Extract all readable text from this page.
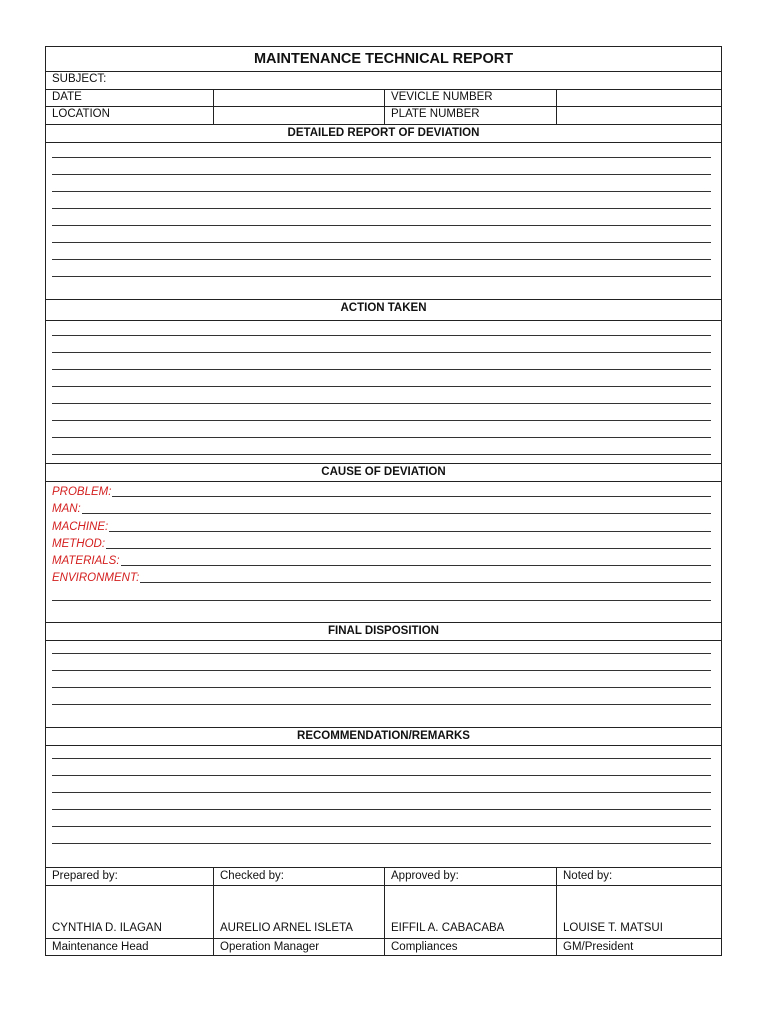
MAINTENANCE TECHNICAL REPORT
SUBJECT:
DATE	VEVICLE NUMBER
LOCATION	PLATE NUMBER
DETAILED REPORT OF DEVIATION
ACTION TAKEN
CAUSE OF DEVIATION
PROBLEM:
MAN:
MACHINE:
METHOD:
MATERIALS:
ENVIRONMENT:
FINAL DISPOSITION
RECOMMENDATION/REMARKS
Prepared by:	Checked by:	Approved by:	Noted by:
CYNTHIA D. ILAGAN	AURELIO ARNEL ISLETA	EIFFIL A. CABACABA	LOUISE T. MATSUI
Maintenance Head	Operation Manager	Compliances	GM/President
